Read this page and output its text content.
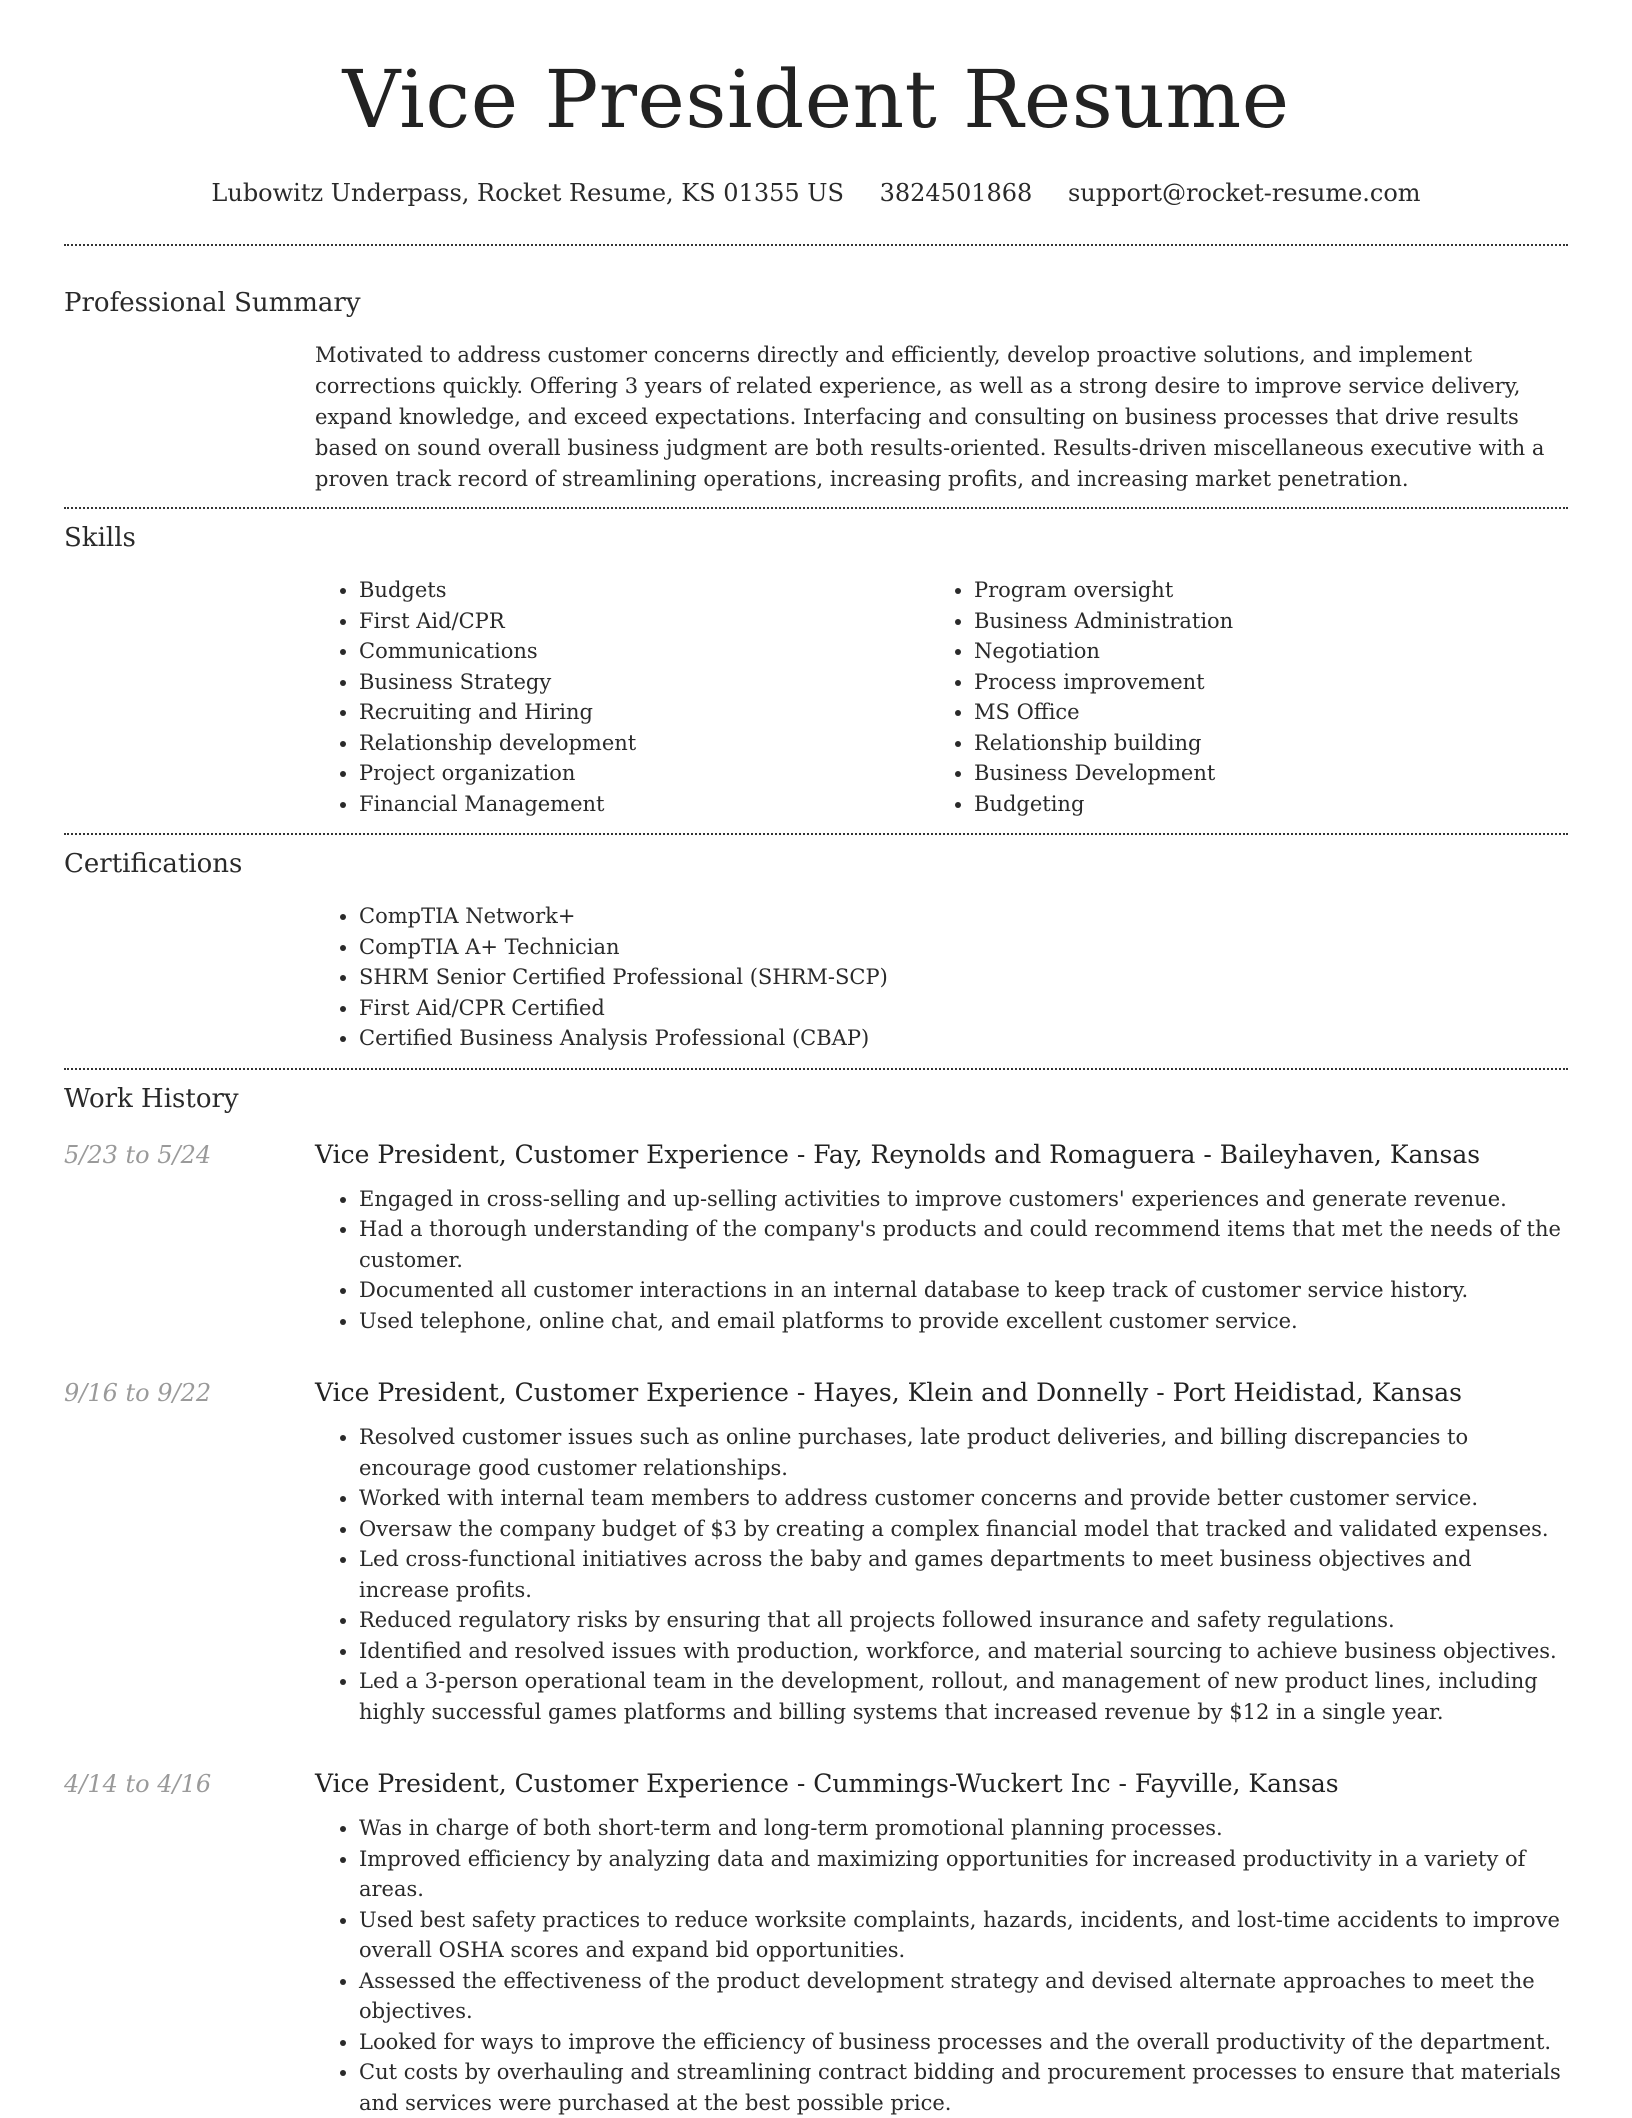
Vice President Resume
Lubowitz Underpass, Rocket Resume, KS 01355 US 3824501868 support@rocket-resume.com
Professional Summary

Motivated to address customer concerns directly and efficiently, develop proactive solutions, and implement corrections quickly. Offering 3 years of related experience, as well as a strong desire to improve service delivery, expand knowledge, and exceed expectations. Interfacing and consulting on business processes that drive results based on sound overall business judgment are both results-oriented. Results-driven miscellaneous executive with a proven track record of streamlining operations, increasing profits, and increasing market penetration.

Skills
• Budgets
• First Aid/CPR
• Communications
• Business Strategy
• Recruiting and Hiring
• Relationship development
• Project organization
• Financial Management
• Program oversight
• Business Administration
• Negotiation
• Process improvement
• MS Office
• Relationship building
• Business Development
• Budgeting
Certifications
• CompTIA Network+
• CompTIA A+ Technician
• SHRM Senior Certified Professional (SHRM-SCP)
• First Aid/CPR Certified
• Certified Business Analysis Professional (CBAP)
Work History
5/23 to 5/24	Vice President, Customer Experience - Fay, Reynolds and Romaguera - Baileyhaven, Kansas
• Engaged in cross-selling and up-selling activities to improve customers' experiences and generate revenue.
• Had a thorough understanding of the company's products and could recommend items that met the needs of the customer.
• Documented all customer interactions in an internal database to keep track of customer service history.
• Used telephone, online chat, and email platforms to provide excellent customer service.
9/16 to 9/22	Vice President, Customer Experience - Hayes, Klein and Donnelly - Port Heidistad, Kansas
• Resolved customer issues such as online purchases, late product deliveries, and billing discrepancies to encourage good customer relationships.
• Worked with internal team members to address customer concerns and provide better customer service.
• Oversaw the company budget of $3 by creating a complex financial model that tracked and validated expenses.
• Led cross-functional initiatives across the baby and games departments to meet business objectives and increase profits.
• Reduced regulatory risks by ensuring that all projects followed insurance and safety regulations.
• Identified and resolved issues with production, workforce, and material sourcing to achieve business objectives.
• Led a 3-person operational team in the development, rollout, and management of new product lines, including highly successful games platforms and billing systems that increased revenue by $12 in a single year.
4/14 to 4/16	Vice President, Customer Experience - Cummings-Wuckert Inc - Fayville, Kansas
• Was in charge of both short-term and long-term promotional planning processes.
• Improved efficiency by analyzing data and maximizing opportunities for increased productivity in a variety of areas.
• Used best safety practices to reduce worksite complaints, hazards, incidents, and lost-time accidents to improve overall OSHA scores and expand bid opportunities.
• Assessed the effectiveness of the product development strategy and devised alternate approaches to meet the objectives.
• Looked for ways to improve the efficiency of business processes and the overall productivity of the department.
• Cut costs by overhauling and streamlining contract bidding and procurement processes to ensure that materials and services were purchased at the best possible price.
